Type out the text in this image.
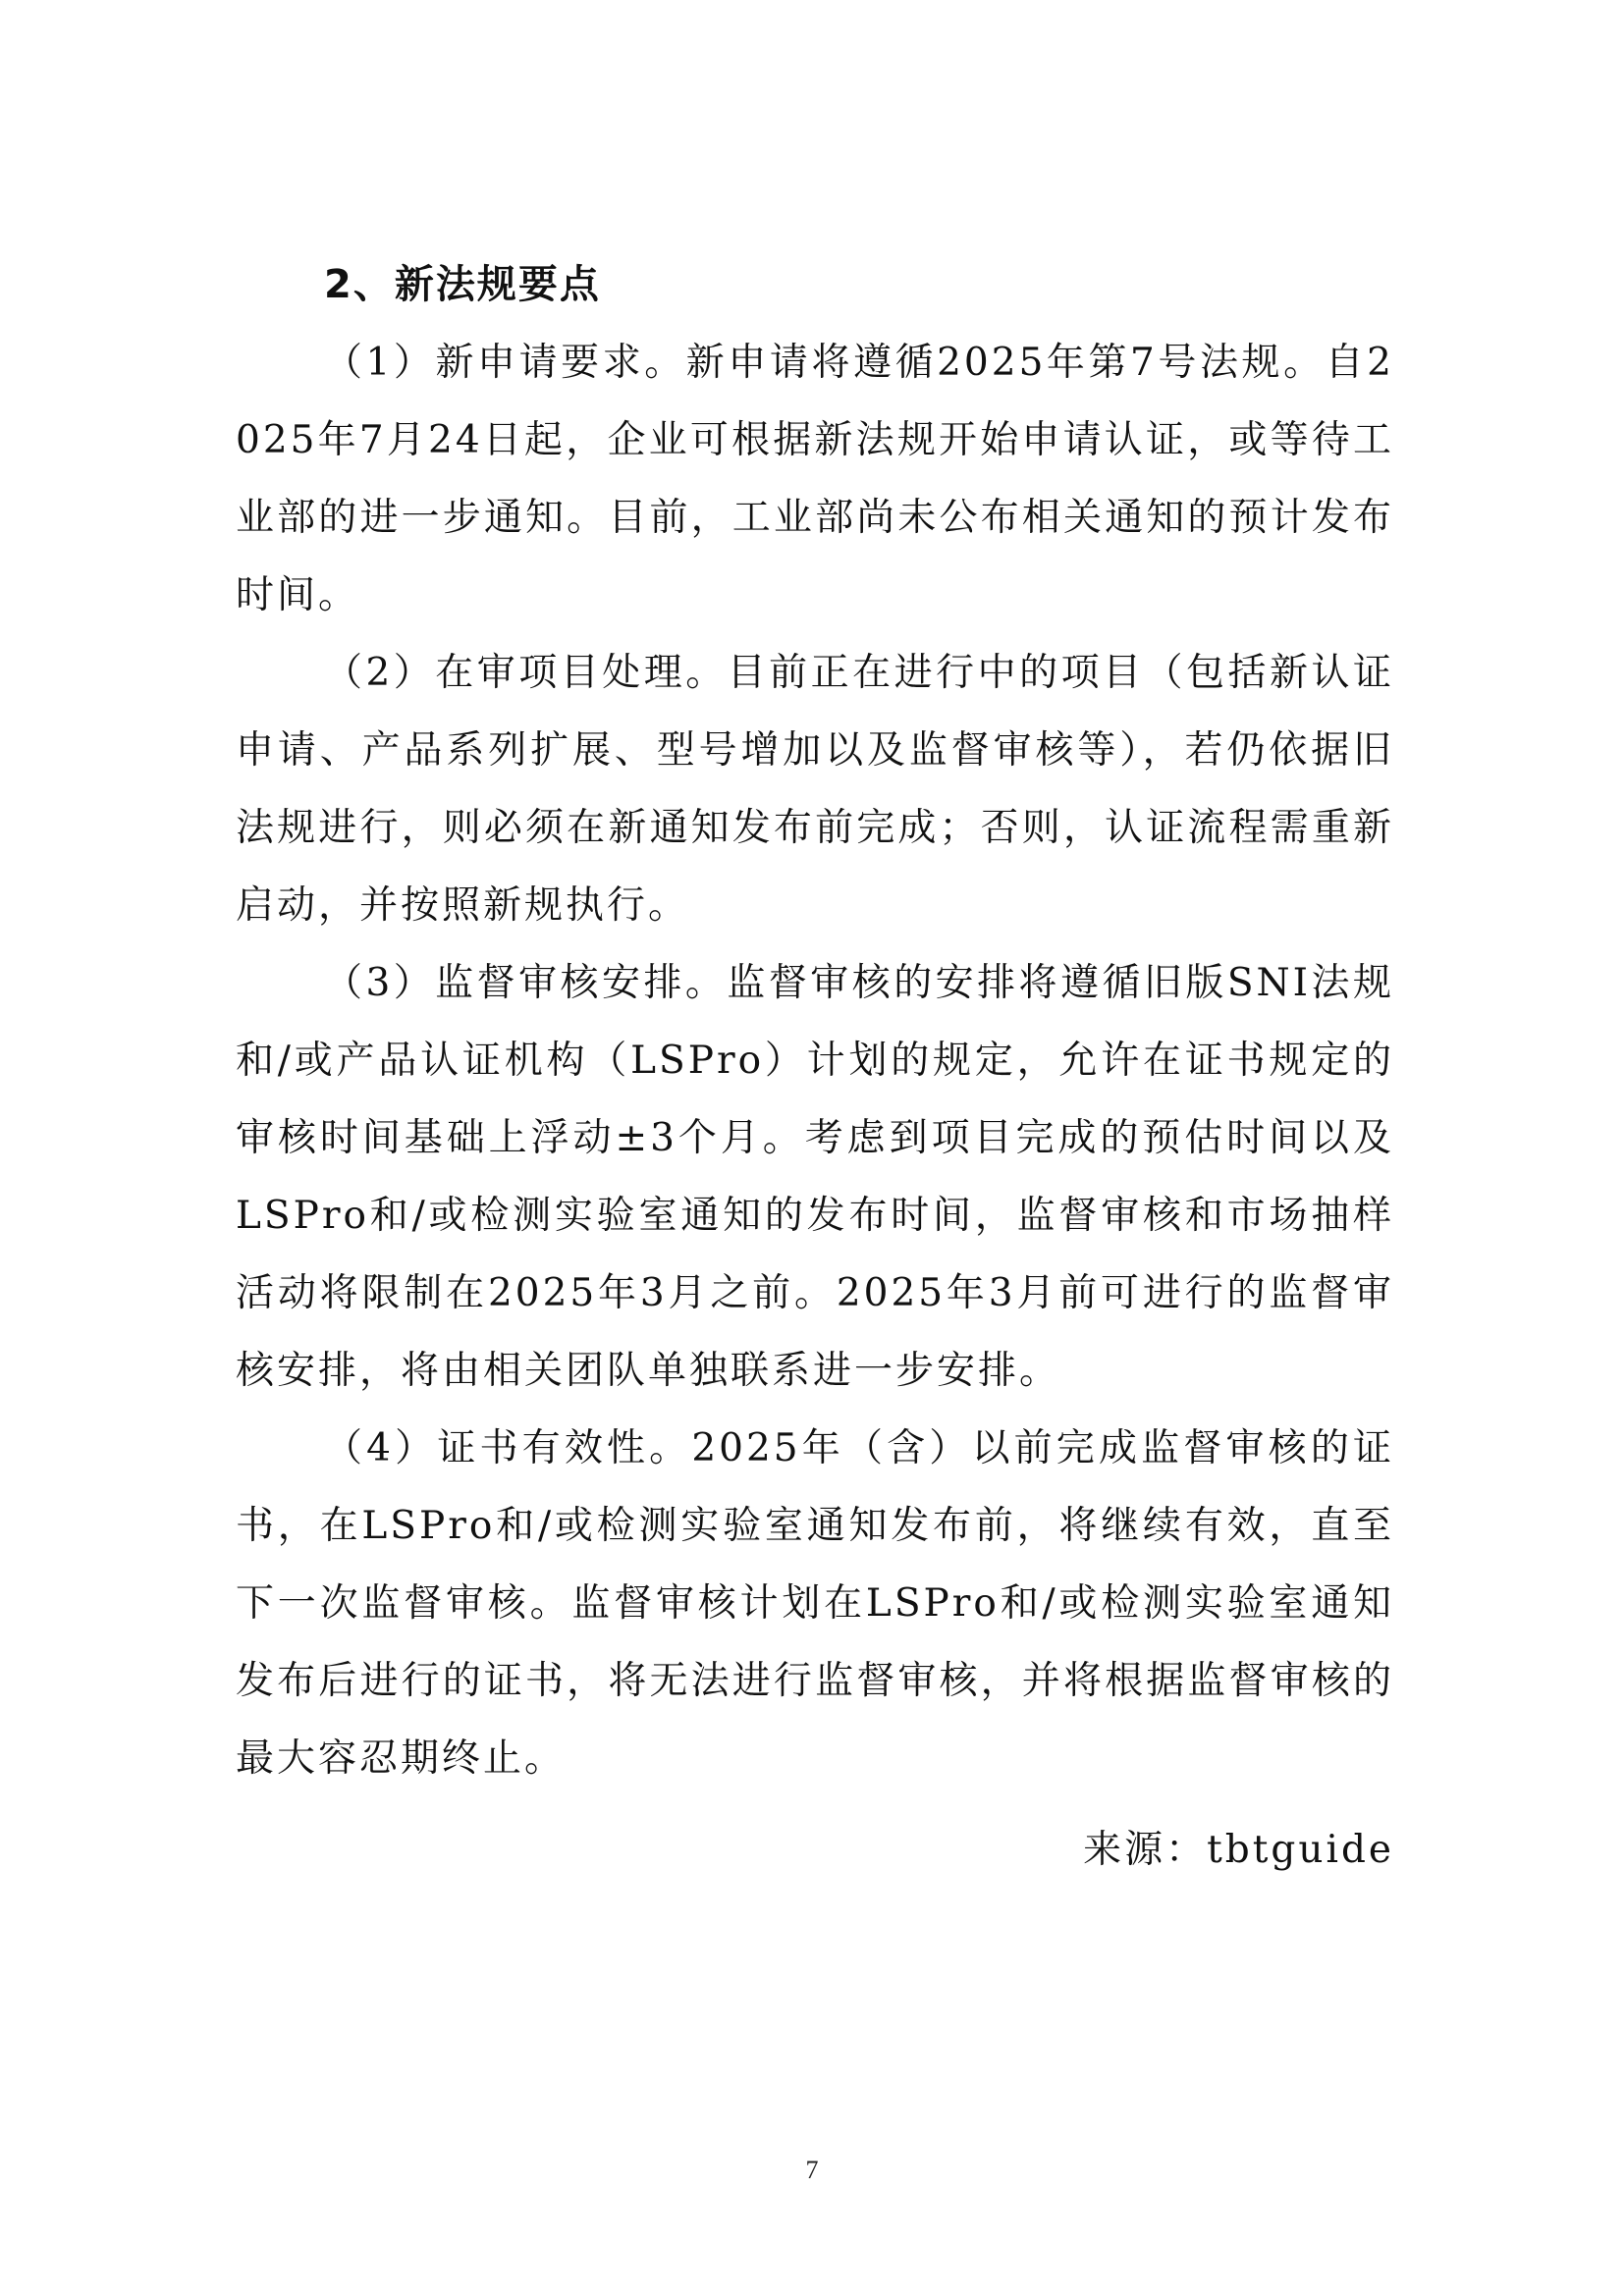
2、新法规要点

（1）新申请要求。新申请将遵循2025年第7号法规。自2025年7月24日起，企业可根据新法规开始申请认证，或等待工业部的进一步通知。目前，工业部尚未公布相关通知的预计发布时间。

（2）在审项目处理。目前正在进行中的项目（包括新认证申请、产品系列扩展、型号增加以及监督审核等），若仍依据旧法规进行，则必须在新通知发布前完成；否则，认证流程需重新启动，并按照新规执行。

（3）监督审核安排。监督审核的安排将遵循旧版SNI法规和/或产品认证机构（LSPro）计划的规定，允许在证书规定的审核时间基础上浮动±3个月。考虑到项目完成的预估时间以及LSPro和/或检测实验室通知的发布时间，监督审核和市场抽样活动将限制在2025年3月之前。2025年3月前可进行的监督审核安排，将由相关团队单独联系进一步安排。

（4）证书有效性。2025年（含）以前完成监督审核的证书，在LSPro和/或检测实验室通知发布前，将继续有效，直至下一次监督审核。监督审核计划在LSPro和/或检测实验室通知发布后进行的证书，将无法进行监督审核，并将根据监督审核的最大容忍期终止。

来源：tbtguide

7
